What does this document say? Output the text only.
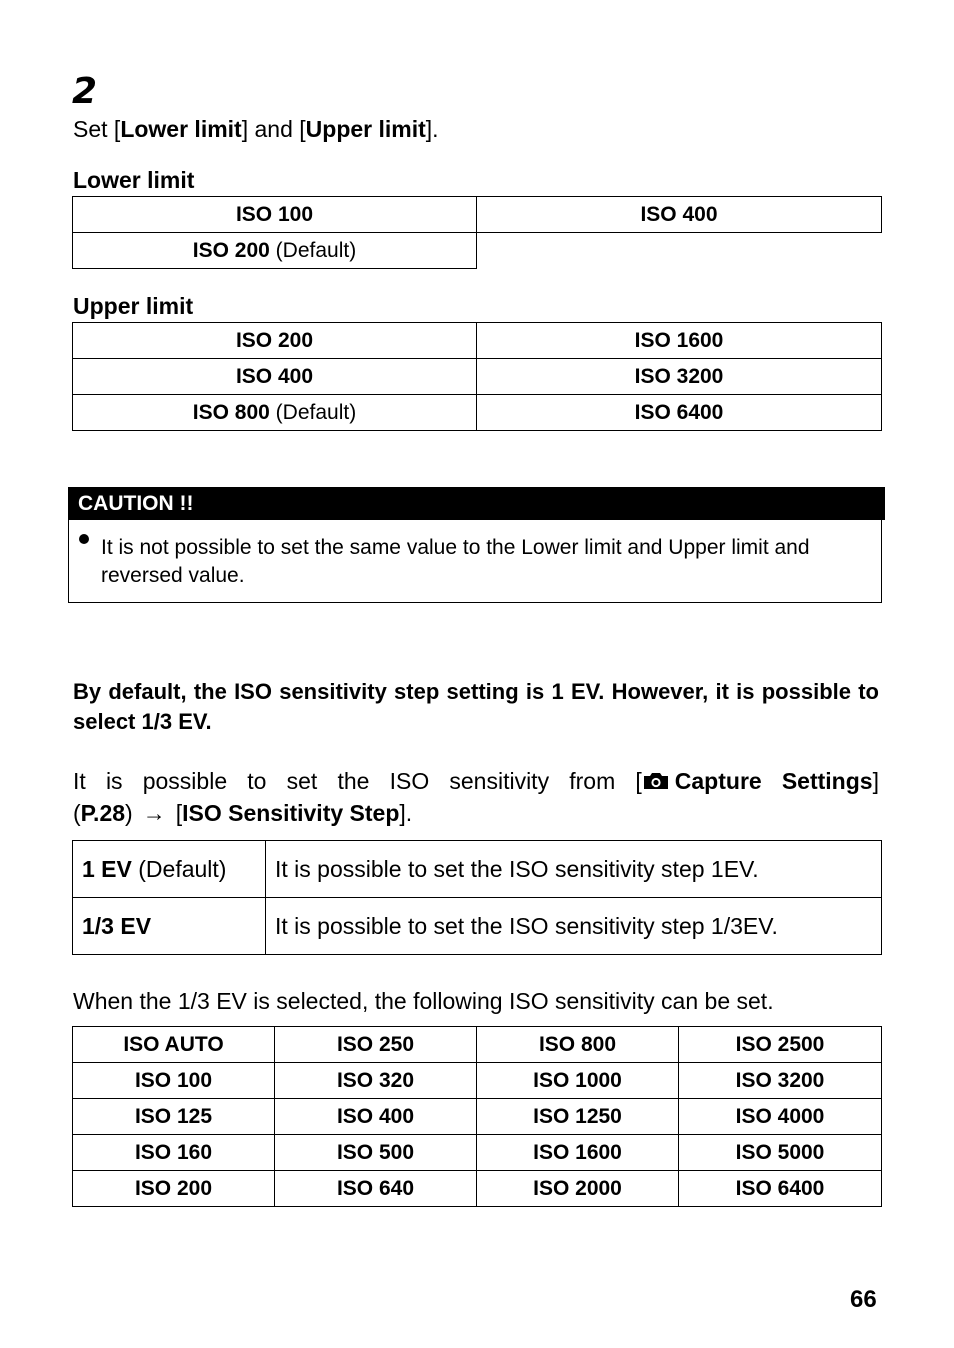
2
Set [Lower limit] and [Upper limit].
Lower limit
ISO 100	ISO 400
ISO 200 (Default)	
Upper limit
ISO 200	ISO 1600
ISO 400	ISO 3200
ISO 800 (Default)	ISO 6400
CAUTION !!
It is not possible to set the same value to the Lower limit and Upper limit and reversed value.
By default, the ISO sensitivity step setting is 1 EV. However, it is possible to select 1/3 EV.
It is possible to set the ISO sensitivity from [ Capture Settings]
(P.28) → [ISO Sensitivity Step].
1 EV (Default)	It is possible to set the ISO sensitivity step 1EV.
1/3 EV	It is possible to set the ISO sensitivity step 1/3EV.
When the 1/3 EV is selected, the following ISO sensitivity can be set.
ISO AUTO	ISO 250	ISO 800	ISO 2500
ISO 100	ISO 320	ISO 1000	ISO 3200
ISO 125	ISO 400	ISO 1250	ISO 4000
ISO 160	ISO 500	ISO 1600	ISO 5000
ISO 200	ISO 640	ISO 2000	ISO 6400
66
